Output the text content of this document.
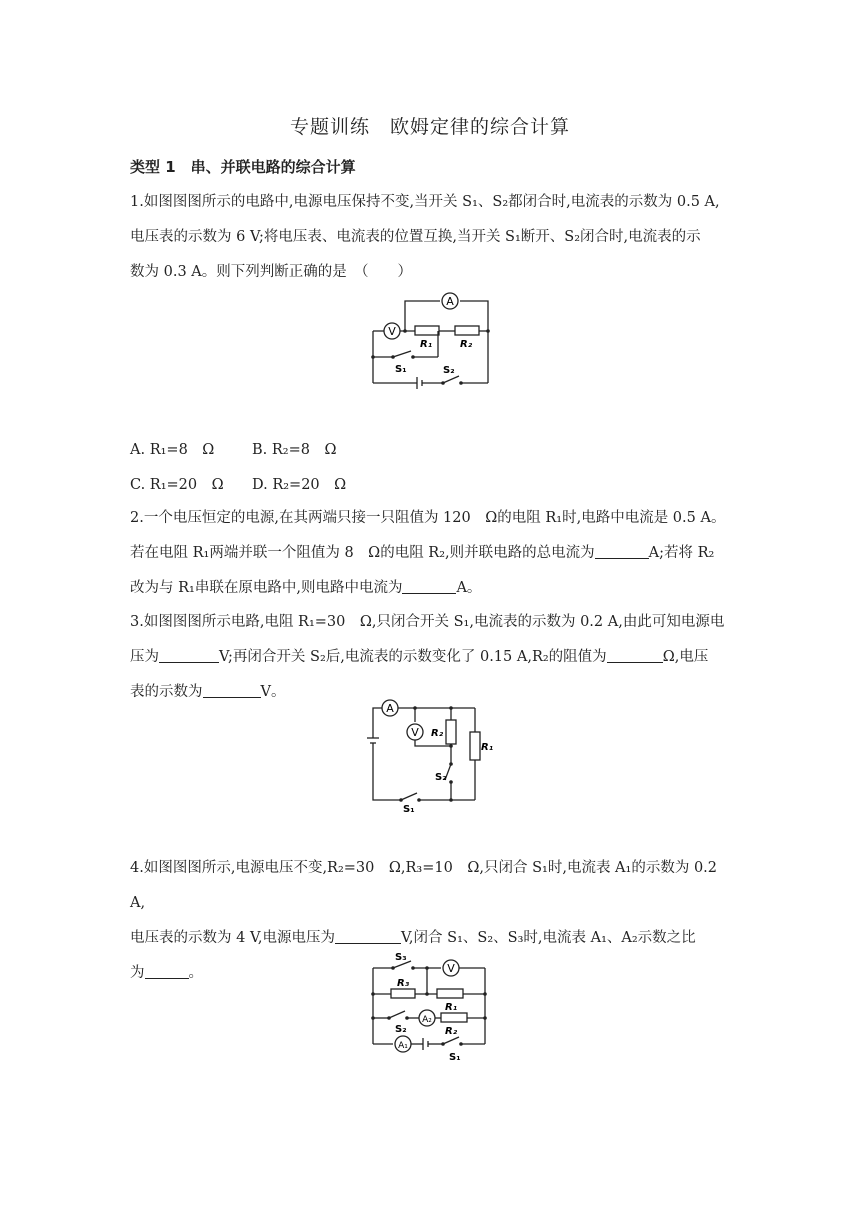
专题训练　欧姆定律的综合计算
类型 1　串、并联电路的综合计算
1.如图图图所示的电路中,电源电压保持不变,当开关 S₁、S₂都闭合时,电流表的示数为 0.5 A,
电压表的示数为 6 V;将电压表、电流表的位置互换,当开关 S₁断开、S₂闭合时,电流表的示
数为 0.3 A。则下列判断正确的是　（　　）
A
V
R₁	R₂
S₁	S₂
A. R₁=8　Ω	B. R₂=8　Ω
C. R₁=20　Ω D. R₂=20　Ω
2.一个电压恒定的电源,在其两端只接一只阻值为 120　Ω的电阻 R₁时,电路中电流是 0.5 A。
若在电阻 R₁两端并联一个阻值为 8　Ω的电阻 R₂,则并联电路的总电流为	A;若将 R₂
改为与 R₁串联在原电路中,则电路中电流为	A。
3.如图图图所示电路,电阻 R₁=30　Ω,只闭合开关 S₁,电流表的示数为 0.2 A,由此可知电源电
压为	V;再闭合开关 S₂后,电流表的示数变化了 0.15 A,R₂的阻值为	Ω,电压
表的示数为	V。
A
V R₂
R₁
S₂
S₁
4.如图图图所示,电源电压不变,R₂=30　Ω,R₃=10　Ω,只闭合 S₁时,电流表 A₁的示数为 0.2 A,
电压表的示数为 4 V,电源电压为	V,闭合 S₁、S₂、S₃时,电流表 A₁、A₂示数之比
为	。	V
A₂
A₁
R₃
R₁
R₂
S₃
S₂
S₁
